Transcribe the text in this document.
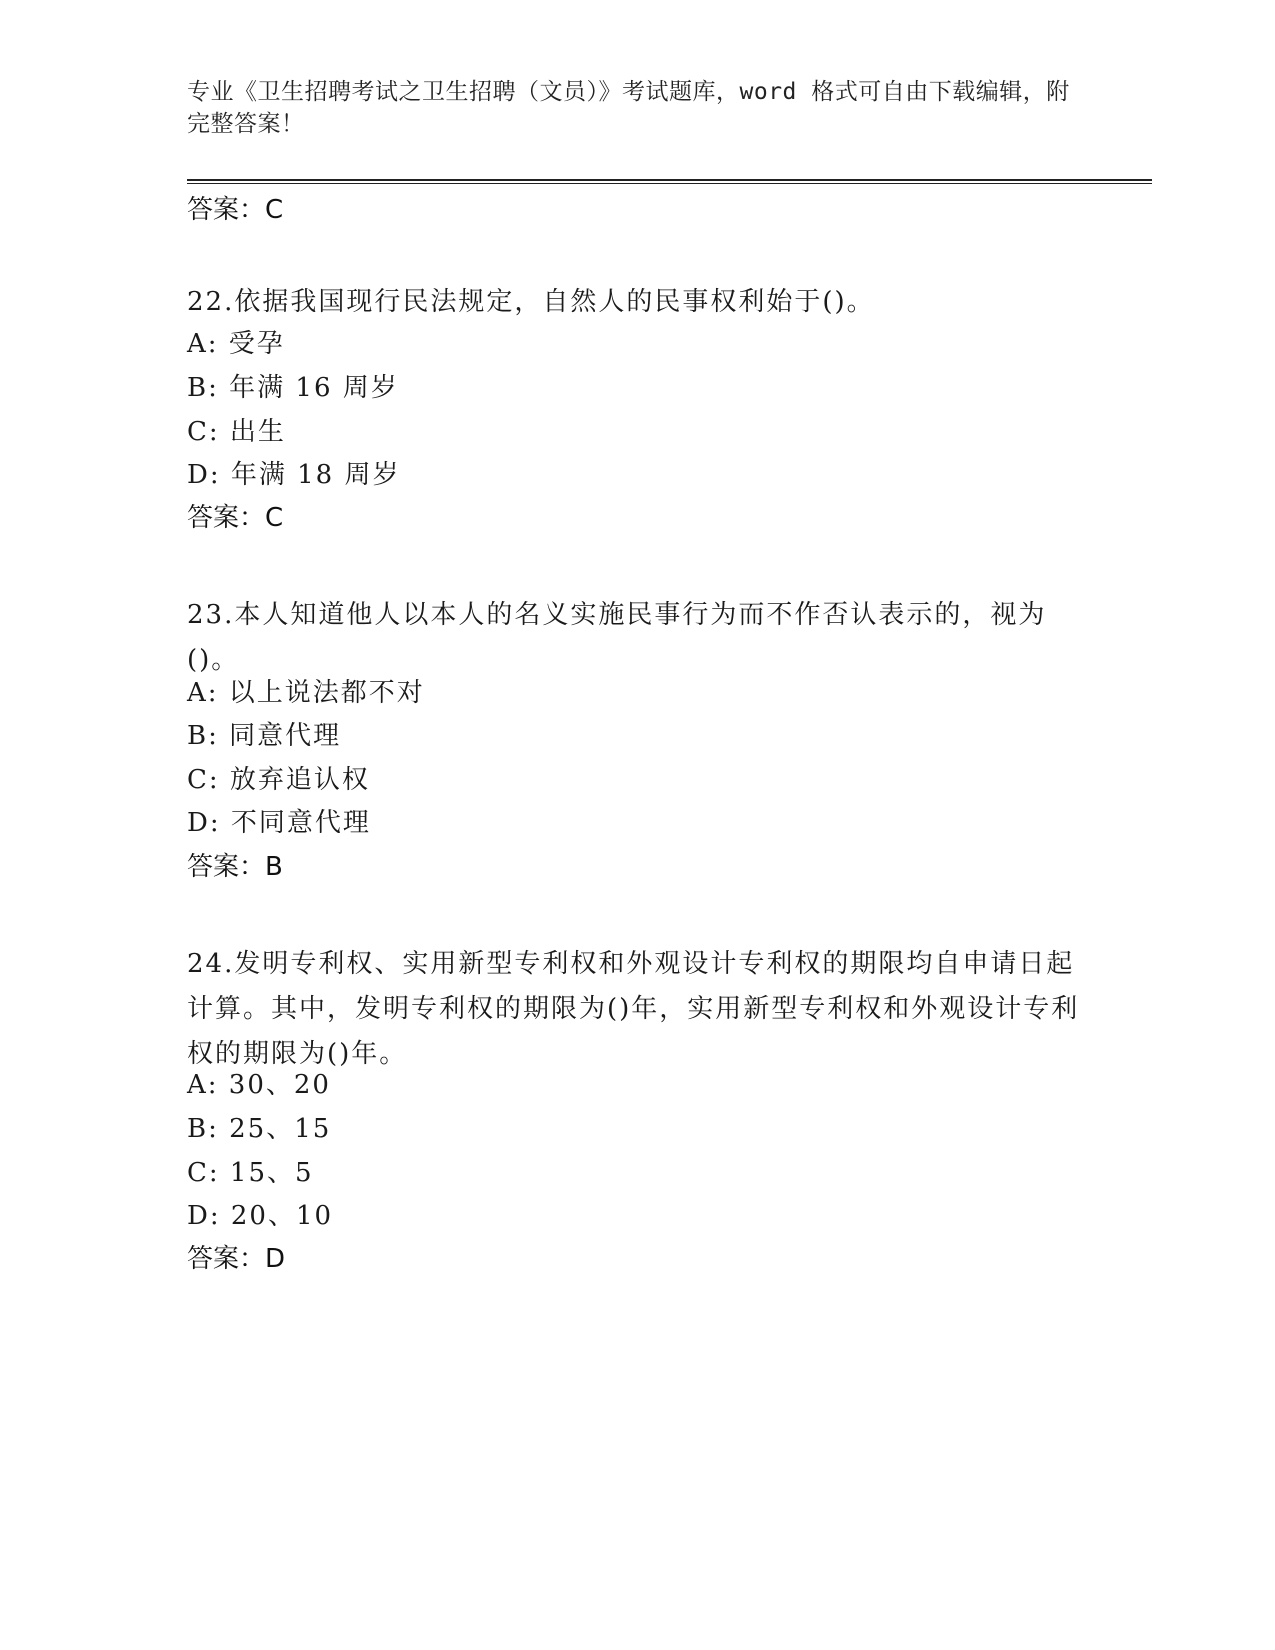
专业《卫生招聘考试之卫生招聘（文员）》考试题库，word 格式可自由下载编辑，附完整答案！
答案：C
22.依据我国现行民法规定，自然人的民事权利始于()。
A: 受孕
B: 年满 16 周岁
C: 出生
D: 年满 18 周岁
答案：C
23.本人知道他人以本人的名义实施民事行为而不作否认表示的，视为()。
A: 以上说法都不对
B: 同意代理
C: 放弃追认权
D: 不同意代理
答案：B
24.发明专利权、实用新型专利权和外观设计专利权的期限均自申请日起计算。其中，发明专利权的期限为()年，实用新型专利权和外观设计专利权的期限为()年。
A: 30、20
B: 25、15
C: 15、5
D: 20、10
答案：D
